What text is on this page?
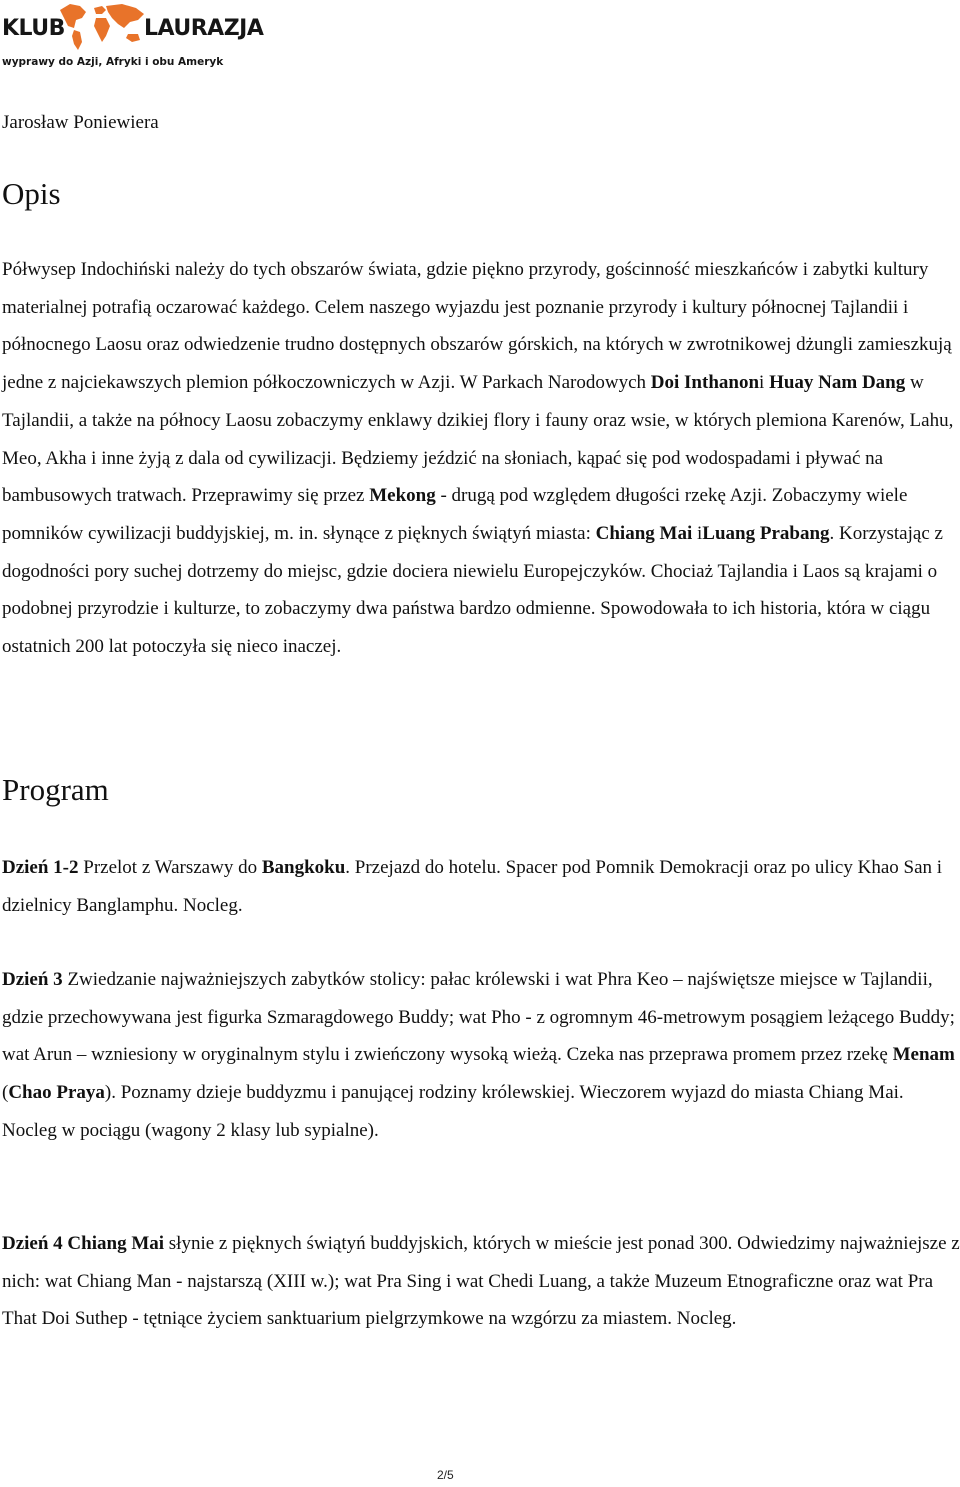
KLUB	LAURAZJA
wyprawy do Azji, Afryki i obu Ameryk
Jarosław Poniewiera
Opis

Półwysep Indochiński należy do tych obszarów świata, gdzie piękno przyrody, gościnność mieszkańców i zabytki kultury materialnej potrafią oczarować każdego. Celem naszego wyjazdu jest poznanie przyrody i kultury północnej Tajlandii i północnego Laosu oraz odwiedzenie trudno dostępnych obszarów górskich, na których w zwrotnikowej dżungli zamieszkują jedne z najciekawszych plemion półkoczowniczych w Azji. W Parkach Narodowych Doi Inthanoni Huay Nam Dang w Tajlandii, a także na północy Laosu zobaczymy enklawy dzikiej flory i fauny oraz wsie, w których plemiona Karenów, Lahu, Meo, Akha i inne żyją z dala od cywilizacji. Będziemy jeździć na słoniach, kąpać się pod wodospadami i pływać na bambusowych tratwach. Przeprawimy się przez Mekong - drugą pod względem długości rzekę Azji. Zobaczymy wiele pomników cywilizacji buddyjskiej, m. in. słynące z pięknych świątyń miasta: Chiang Mai iLuang Prabang. Korzystając z dogodności pory suchej dotrzemy do miejsc, gdzie dociera niewielu Europejczyków. Chociaż Tajlandia i Laos są krajami o podobnej przyrodzie i kulturze, to zobaczymy dwa państwa bardzo odmienne. Spowodowała to ich historia, która w ciągu ostatnich 200 lat potoczyła się nieco inaczej.

Program

Dzień 1-2 Przelot z Warszawy do Bangkoku. Przejazd do hotelu. Spacer pod Pomnik Demokracji oraz po ulicy Khao San i dzielnicy Banglamphu. Nocleg.

Dzień 3 Zwiedzanie najważniejszych zabytków stolicy: pałac królewski i wat Phra Keo – najświętsze miejsce w Tajlandii, gdzie przechowywana jest figurka Szmaragdowego Buddy; wat Pho - z ogromnym 46-metrowym posągiem leżącego Buddy; wat Arun – wzniesiony w oryginalnym stylu i zwieńczony wysoką wieżą. Czeka nas przeprawa promem przez rzekę Menam (Chao Praya). Poznamy dzieje buddyzmu i panującej rodziny królewskiej. Wieczorem wyjazd do miasta Chiang Mai. Nocleg w pociągu (wagony 2 klasy lub sypialne).

Dzień 4 Chiang Mai słynie z pięknych świątyń buddyjskich, których w mieście jest ponad 300. Odwiedzimy najważniejsze z nich: wat Chiang Man - najstarszą (XIII w.); wat Pra Sing i wat Chedi Luang, a także Muzeum Etnograficzne oraz wat Pra That Doi Suthep - tętniące życiem sanktuarium pielgrzymkowe na wzgórzu za miastem. Nocleg.

2/5
